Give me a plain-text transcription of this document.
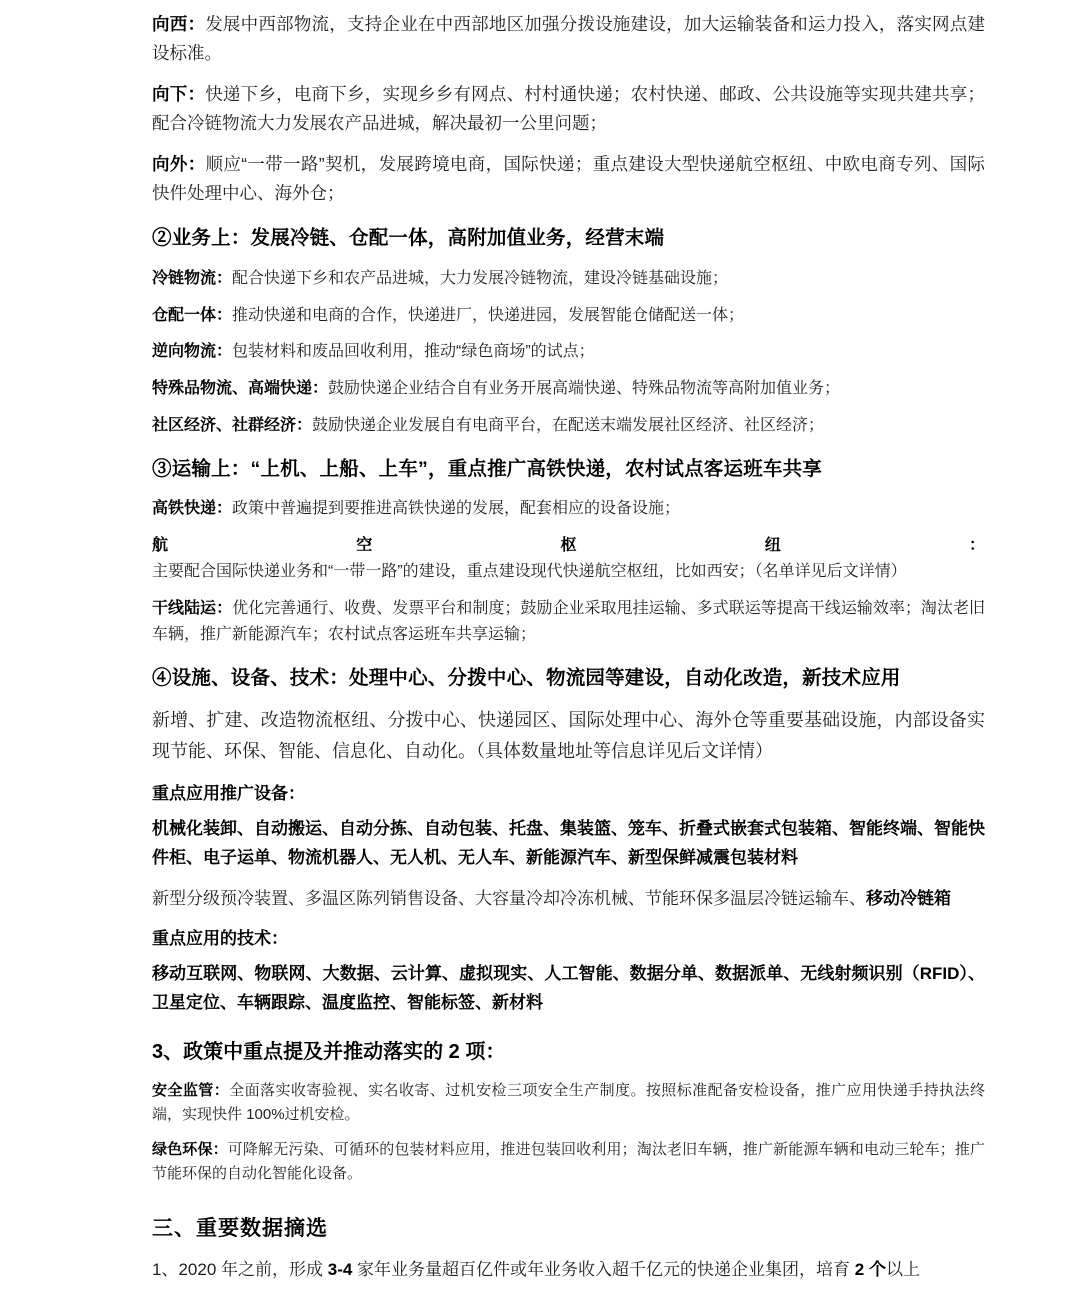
向西：发展中西部物流，支持企业在中西部地区加强分拨设施建设，加大运输装备和运力投入，落实网点建设标准。

向下：快递下乡，电商下乡，实现乡乡有网点、村村通快递；农村快递、邮政、公共设施等实现共建共享；配合冷链物流大力发展农产品进城，解决最初一公里问题；

向外：顺应“一带一路”契机，发展跨境电商，国际快递；重点建设大型快递航空枢纽、中欧电商专列、国际快件处理中心、海外仓；

②业务上：发展冷链、仓配一体，高附加值业务，经营末端

冷链物流：配合快递下乡和农产品进城，大力发展冷链物流，建设冷链基础设施；

仓配一体：推动快递和电商的合作，快递进厂，快递进园，发展智能仓储配送一体；

逆向物流：包装材料和废品回收利用，推动“绿色商场”的试点；

特殊品物流、高端快递：鼓励快递企业结合自有业务开展高端快递、特殊品物流等高附加值业务；

社区经济、社群经济：鼓励快递企业发展自有电商平台，在配送末端发展社区经济、社区经济；

③运输上：“上机、上船、上车”，重点推广高铁快递，农村试点客运班车共享

高铁快递：政策中普遍提到要推进高铁快递的发展，配套相应的设备设施；

航空枢纽：主要配合国际快递业务和“一带一路”的建设，重点建设现代快递航空枢纽，比如西安；（名单详见后文详情）

干线陆运：优化完善通行、收费、发票平台和制度；鼓励企业采取甩挂运输、多式联运等提高干线运输效率；淘汰老旧车辆，推广新能源汽车；农村试点客运班车共享运输；

④设施、设备、技术：处理中心、分拨中心、物流园等建设，自动化改造，新技术应用

新增、扩建、改造物流枢纽、分拨中心、快递园区、国际处理中心、海外仓等重要基础设施，内部设备实现节能、环保、智能、信息化、自动化。（具体数量地址等信息详见后文详情）

重点应用推广设备：

机械化装卸、自动搬运、自动分拣、自动包装、托盘、集装篮、笼车、折叠式嵌套式包装箱、智能终端、智能快件柜、电子运单、物流机器人、无人机、无人车、新能源汽车、新型保鲜减震包装材料

新型分级预冷装置、多温区陈列销售设备、大容量冷却冷冻机械、节能环保多温层冷链运输车、移动冷链箱

重点应用的技术：

移动互联网、物联网、大数据、云计算、虚拟现实、人工智能、数据分单、数据派单、无线射频识别（RFID）、卫星定位、车辆跟踪、温度监控、智能标签、新材料

3、政策中重点提及并推动落实的 2 项：

安全监管：全面落实收寄验视、实名收寄、过机安检三项安全生产制度。按照标准配备安检设备，推广应用快递手持执法终端，实现快件 100%过机安检。

绿色环保：可降解无污染、可循环的包装材料应用，推进包装回收利用；淘汰老旧车辆，推广新能源车辆和电动三轮车；推广节能环保的自动化智能化设备。

三、重要数据摘选

1、2020 年之前，形成 3-4 家年业务量超百亿件或年业务收入超千亿元的快递企业集团，培育 2 个以上
